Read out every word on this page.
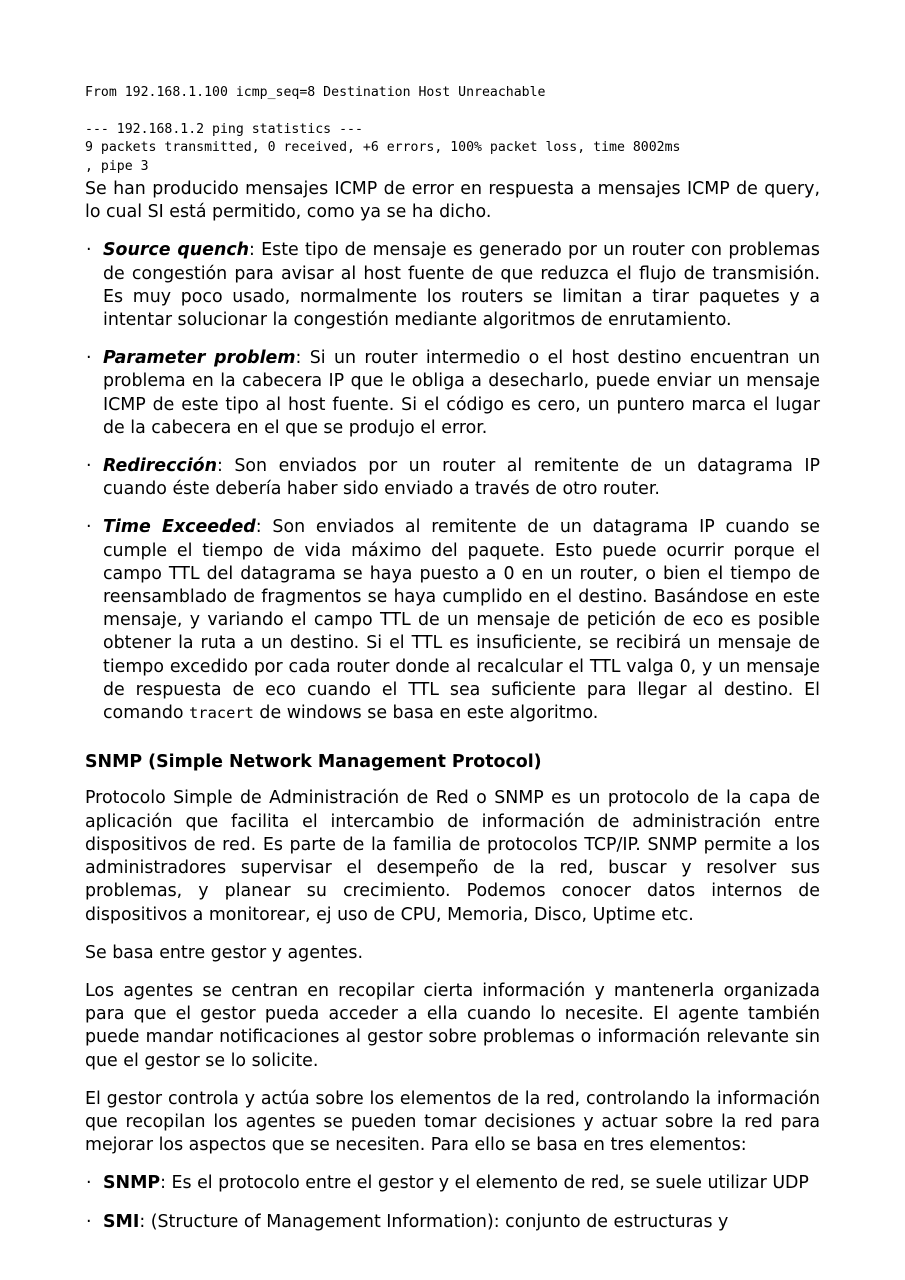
From 192.168.1.100 icmp_seq=8 Destination Host Unreachable
--- 192.168.1.2 ping statistics ---
9 packets transmitted, 0 received, +6 errors, 100% packet loss, time 8002ms
, pipe 3

Se han producido mensajes ICMP de error en respuesta a mensajes ICMP de query, lo cual SI está permitido, como ya se ha dicho.

· Source quench: Este tipo de mensaje es generado por un router con problemas de congestión para avisar al host fuente de que reduzca el flujo de transmisión. Es muy poco usado, normalmente los routers se limitan a tirar paquetes y a intentar solucionar la congestión mediante algoritmos de enrutamiento.
· Parameter problem: Si un router intermedio o el host destino encuentran un problema en la cabecera IP que le obliga a desecharlo, puede enviar un mensaje ICMP de este tipo al host fuente. Si el código es cero, un puntero marca el lugar de la cabecera en el que se produjo el error.
· Redirección: Son enviados por un router al remitente de un datagrama IP cuando éste debería haber sido enviado a través de otro router.
· Time Exceeded: Son enviados al remitente de un datagrama IP cuando se cumple el tiempo de vida máximo del paquete. Esto puede ocurrir porque el campo TTL del datagrama se haya puesto a 0 en un router, o bien el tiempo de reensamblado de fragmentos se haya cumplido en el destino. Basándose en este mensaje, y variando el campo TTL de un mensaje de petición de eco es posible obtener la ruta a un destino. Si el TTL es insuficiente, se recibirá un mensaje de tiempo excedido por cada router donde al recalcular el TTL valga 0, y un mensaje de respuesta de eco cuando el TTL sea suficiente para llegar al destino. El comando tracert de windows se basa en este algoritmo.
SNMP (Simple Network Management Protocol)

Protocolo Simple de Administración de Red o SNMP es un protocolo de la capa de aplicación que facilita el intercambio de información de administración entre dispositivos de red. Es parte de la familia de protocolos TCP/IP. SNMP permite a los administradores supervisar el desempeño de la red, buscar y resolver sus problemas, y planear su crecimiento. Podemos conocer datos internos de dispositivos a monitorear, ej uso de CPU, Memoria, Disco, Uptime etc.

Se basa entre gestor y agentes.

Los agentes se centran en recopilar cierta información y mantenerla organizada para que el gestor pueda acceder a ella cuando lo necesite. El agente también puede mandar notificaciones al gestor sobre problemas o información relevante sin que el gestor se lo solicite.

El gestor controla y actúa sobre los elementos de la red, controlando la información que recopilan los agentes se pueden tomar decisiones y actuar sobre la red para mejorar los aspectos que se necesiten. Para ello se basa en tres elementos:

· SNMP: Es el protocolo entre el gestor y el elemento de red, se suele utilizar UDP
· SMI: (Structure of Management Information): conjunto de estructuras y
